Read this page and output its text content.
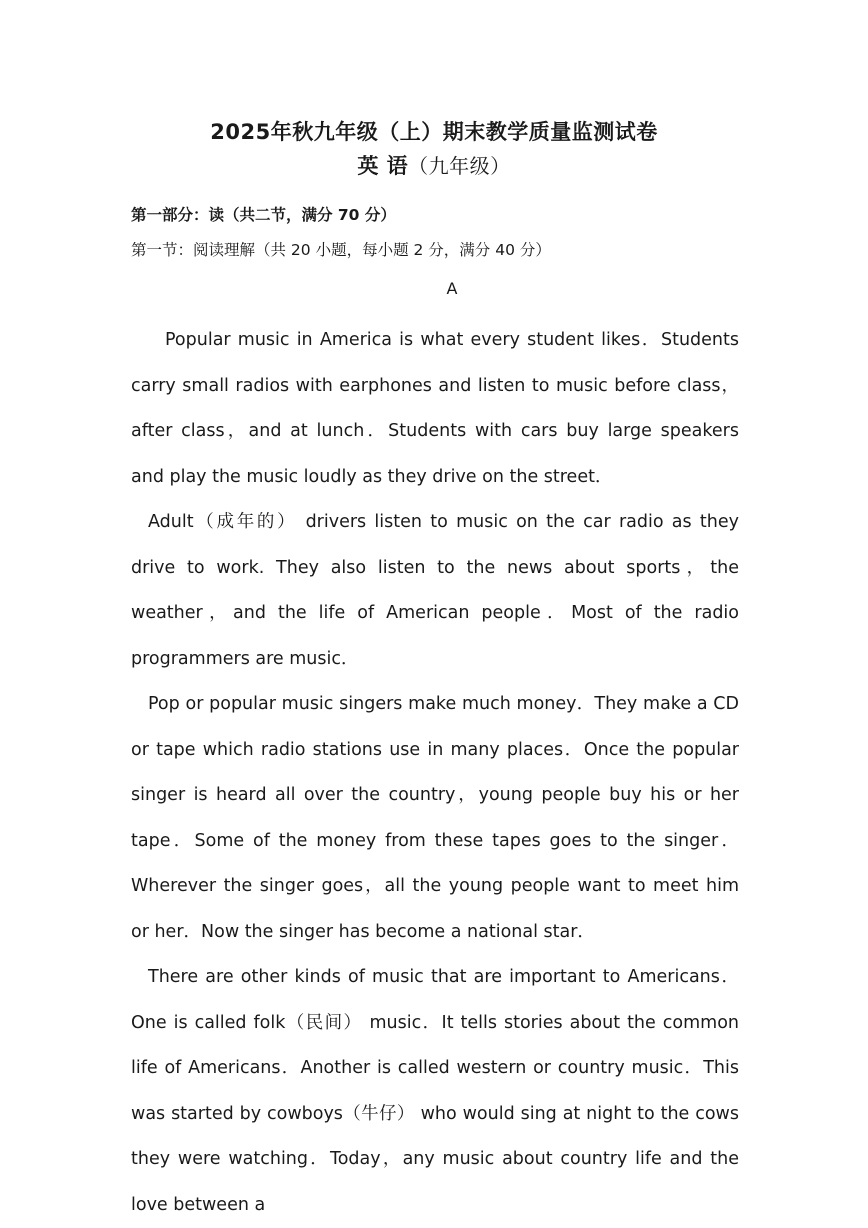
2025年秋九年级（上）期末教学质量监测试卷
英 语（九年级）
第一部分：读（共二节，满分 70 分）
第一节：阅读理解（共 20 小题，每小题 2 分，满分 40 分）
A

Popular music in America is what every student likes．Students carry small radios with earphones and listen to music before class，after class，and at lunch．Students with cars buy large speakers and play the music loudly as they drive on the street．

Adult（成年的） drivers listen to music on the car radio as they drive to work. They also listen to the news about sports，the weather，and the life of American people．Most of the radio programmers are music．

Pop or popular music singers make much money．They make a CD or tape which radio stations use in many places．Once the popular singer is heard all over the country，young people buy his or her tape．Some of the money from these tapes goes to the singer．Wherever the singer goes，all the young people want to meet him or her．Now the singer has become a national star．

There are other kinds of music that are important to Americans．One is called folk（民间） music．It tells stories about the common life of Americans．Another is called western or country music．This was started by cowboys（牛仔） who would sing at night to the cows they were watching．Today，any music about country life and the love between a
